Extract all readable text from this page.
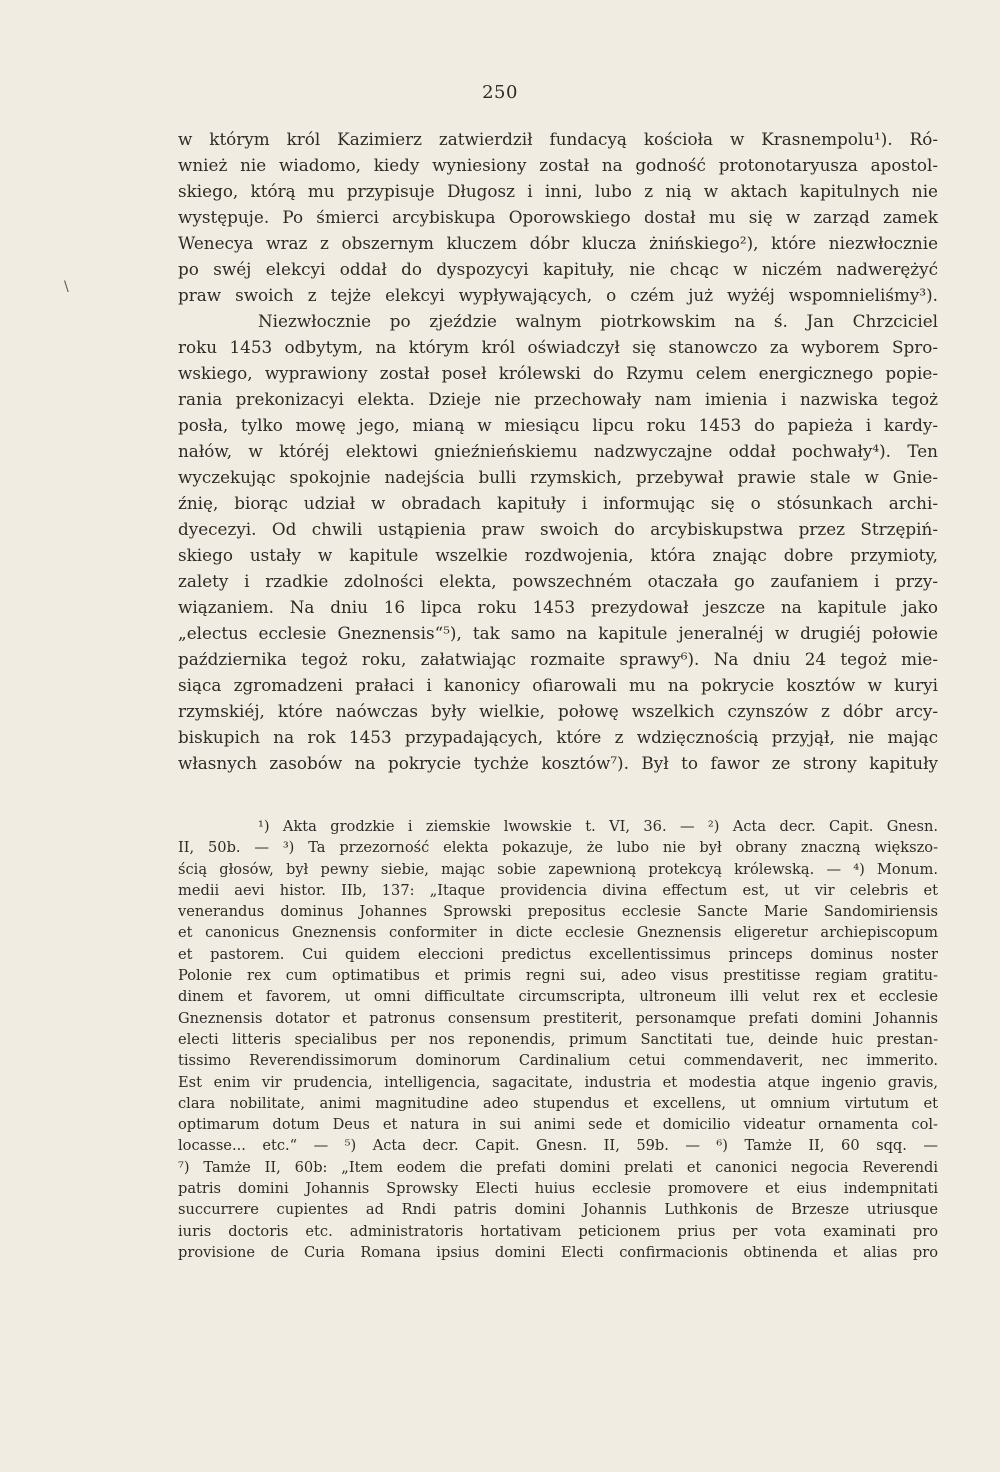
250
\
w którym król Kazimierz zatwierdził fundacyą kościoła w Krasnempolu¹). Ró-
wnież nie wiadomo, kiedy wyniesiony został na godność protonotaryusza apostol-
skiego, którą mu przypisuje Długosz i inni, lubo z nią w aktach kapitulnych nie
występuje. Po śmierci arcybiskupa Oporowskiego dostał mu się w zarząd zamek
Wenecya wraz z obszernym kluczem dóbr klucza żnińskiego²), które niezwłocznie
po swéj elekcyi oddał do dyspozycyi kapituły, nie chcąc w niczém nadwerężyć
praw swoich z tejże elekcyi wypływających, o czém już wyżéj wspomnieliśmy³).
Niezwłocznie po zjeździe walnym piotrkowskim na ś. Jan Chrzciciel
roku 1453 odbytym, na którym król oświadczył się stanowczo za wyborem Spro-
wskiego, wyprawiony został poseł królewski do Rzymu celem energicznego popie-
rania prekonizacyi elekta. Dzieje nie przechowały nam imienia i nazwiska tegoż
posła, tylko mowę jego, mianą w miesiącu lipcu roku 1453 do papieża i kardy-
nałów, w któréj elektowi gnieźnieńskiemu nadzwyczajne oddał pochwały⁴). Ten
wyczekując spokojnie nadejścia bulli rzymskich, przebywał prawie stale w Gnie-
źnię, biorąc udział w obradach kapituły i informując się o stósunkach archi-
dyecezyi. Od chwili ustąpienia praw swoich do arcybiskupstwa przez Strzępiń-
skiego ustały w kapitule wszelkie rozdwojenia, która znając dobre przymioty,
zalety i rzadkie zdolności elekta, powszechném otaczała go zaufaniem i przy-
wiązaniem. Na dniu 16 lipca roku 1453 prezydował jeszcze na kapitule jako
„electus ecclesie Gneznensis“⁵), tak samo na kapitule jeneralnéj w drugiéj połowie
października tegoż roku, załatwiając rozmaite sprawy⁶). Na dniu 24 tegoż mie-
siąca zgromadzeni prałaci i kanonicy ofiarowali mu na pokrycie kosztów w kuryi
rzymskiéj, które naówczas były wielkie, połowę wszelkich czynszów z dóbr arcy-
biskupich na rok 1453 przypadających, które z wdzięcznością przyjął, nie mając
własnych zasobów na pokrycie tychże kosztów⁷). Był to fawor ze strony kapituły
¹) Akta grodzkie i ziemskie lwowskie t. VI, 36. — ²) Acta decr. Capit. Gnesn.
II, 50b. — ³) Ta przezorność elekta pokazuje, że lubo nie był obrany znaczną większo-
ścią głosów, był pewny siebie, mając sobie zapewnioną protekcyą królewską. — ⁴) Monum.
medii aevi histor. IIb, 137: „Itaque providencia divina effectum est, ut vir celebris et
venerandus dominus Johannes Sprowski prepositus ecclesie Sancte Marie Sandomiriensis
et canonicus Gneznensis conformiter in dicte ecclesie Gneznensis eligeretur archiepiscopum
et pastorem. Cui quidem eleccioni predictus excellentissimus princeps dominus noster
Polonie rex cum optimatibus et primis regni sui, adeo visus prestitisse regiam gratitu-
dinem et favorem, ut omni difficultate circumscripta, ultroneum illi velut rex et ecclesie
Gneznensis dotator et patronus consensum prestiterit, personamque prefati domini Johannis
electi litteris specialibus per nos reponendis, primum Sanctitati tue, deinde huic prestan-
tissimo Reverendissimorum dominorum Cardinalium cetui commendaverit, nec immerito.
Est enim vir prudencia, intelligencia, sagacitate, industria et modestia atque ingenio gravis,
clara nobilitate, animi magnitudine adeo stupendus et excellens, ut omnium virtutum et
optimarum dotum Deus et natura in sui animi sede et domicilio videatur ornamenta col-
locasse... etc.“ — ⁵) Acta decr. Capit. Gnesn. II, 59b. — ⁶) Tamże II, 60 sqq. —
⁷) Tamże II, 60b: „Item eodem die prefati domini prelati et canonici negocia Reverendi
patris domini Johannis Sprowsky Electi huius ecclesie promovere et eius indempnitati
succurrere cupientes ad Rndi patris domini Johannis Luthkonis de Brzesze utriusque
iuris doctoris etc. administratoris hortativam peticionem prius per vota examinati pro
provisione de Curia Romana ipsius domini Electi confirmacionis obtinenda et alias pro
